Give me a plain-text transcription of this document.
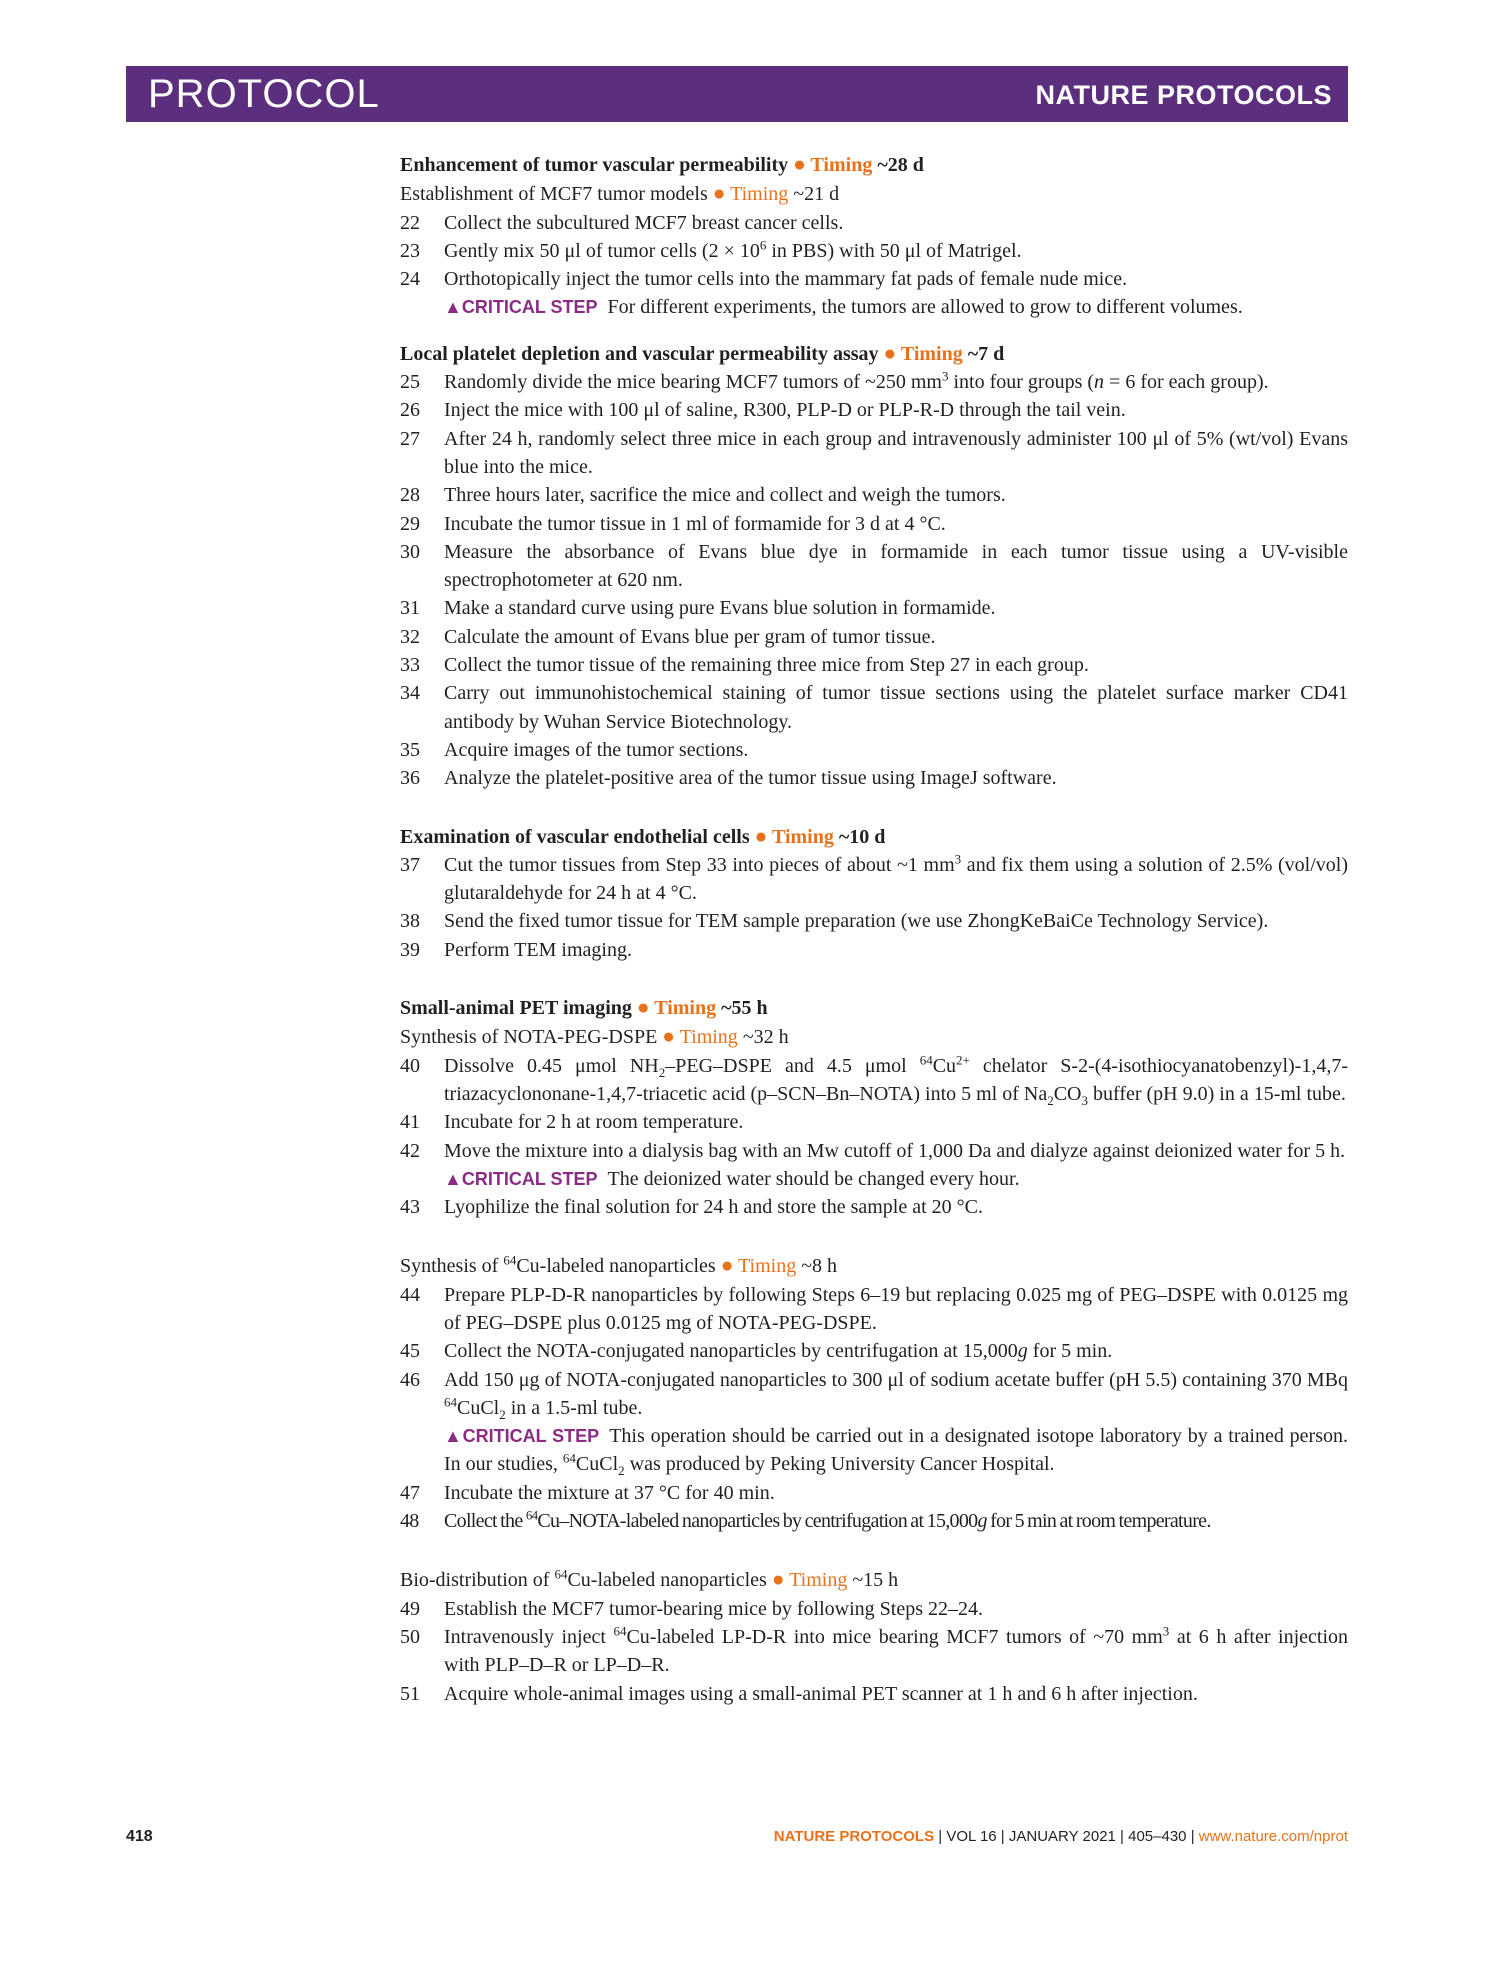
PROTOCOL	NATURE PROTOCOLS
Enhancement of tumor vascular permeability ● Timing ~28 d
Establishment of MCF7 tumor models ● Timing ~21 d
22 Collect the subcultured MCF7 breast cancer cells.
23 Gently mix 50 μl of tumor cells ($2 \times 10^6$ in PBS) with 50 μl of Matrigel.
24 Orthotopically inject the tumor cells into the mammary fat pads of female nude mice.
▲CRITICAL STEP For different experiments, the tumors are allowed to grow to different volumes.
Local platelet depletion and vascular permeability assay ● Timing ~7 d
25 Randomly divide the mice bearing MCF7 tumors of ~250 $mm^3$ into four groups (n = 6 for each group).
26 Inject the mice with 100 μl of saline, R300, PLP-D or PLP-R-D through the tail vein.
27 After 24 h, randomly select three mice in each group and intravenously administer 100 μl of 5% (wt/vol) Evans blue into the mice.
28 Three hours later, sacrifice the mice and collect and weigh the tumors.
29 Incubate the tumor tissue in 1 ml of formamide for 3 d at 4 °C.
30 Measure the absorbance of Evans blue dye in formamide in each tumor tissue using a UV-visible spectrophotometer at 620 nm.
31 Make a standard curve using pure Evans blue solution in formamide.
32 Calculate the amount of Evans blue per gram of tumor tissue.
33 Collect the tumor tissue of the remaining three mice from Step 27 in each group.
34 Carry out immunohistochemical staining of tumor tissue sections using the platelet surface marker CD41 antibody by Wuhan Service Biotechnology.
35 Acquire images of the tumor sections.
36 Analyze the platelet-positive area of the tumor tissue using ImageJ software.
Examination of vascular endothelial cells ● Timing ~10 d
37 Cut the tumor tissues from Step 33 into pieces of about ~1 $mm^3$ and fix them using a solution of 2.5% (vol/vol) glutaraldehyde for 24 h at 4 °C.
38 Send the fixed tumor tissue for TEM sample preparation (we use ZhongKeBaiCe Technology Service).
39 Perform TEM imaging.
Small-animal PET imaging ● Timing ~55 h
Synthesis of NOTA-PEG-DSPE ● Timing ~32 h
40 Dissolve 0.45 μmol $NH_2-PEG$–DSPE and 4.5 μmol $^{64}Cu^{2+}$ chelator S-2-(4-isothiocyanatobenzyl)-1,4,7-triazacyclononane-1,4,7-triacetic acid (p–SCN–Bn–NOTA) into 5 ml of $Na_2CO_3$ buffer (pH 9.0) in a 15-ml tube.
41 Incubate for 2 h at room temperature.
42 Move the mixture into a dialysis bag with an Mw cutoff of 1,000 Da and dialyze against deionized water for 5 h.
▲CRITICAL STEP The deionized water should be changed every hour.
43 Lyophilize the final solution for 24 h and store the sample at 20 °C.
Synthesis of $^{64}$Cu-labeled nanoparticles ● Timing ~8 h
44 Prepare PLP-D-R nanoparticles by following Steps 6–19 but replacing 0.025 mg of PEG–DSPE with 0.0125 mg of PEG–DSPE plus 0.0125 mg of NOTA-PEG-DSPE.
45 Collect the NOTA-conjugated nanoparticles by centrifugation at 15,000g for 5 min.
46 Add 150 μg of NOTA-conjugated nanoparticles to 300 μl of sodium acetate buffer (pH 5.5) containing 370 MBq $^{64}$CuCl$_2$ in a 1.5-ml tube.
▲CRITICAL STEP This operation should be carried out in a designated isotope laboratory by a trained person. In our studies, $^{64}$CuCl$_2$ was produced by Peking University Cancer Hospital.
47 Incubate the mixture at 37 °C for 40 min.
48 Collect the $^{64}$Cu–NOTA-labeled nanoparticles by centrifugation at 15,000g for 5 min at room temperature.
Bio-distribution of $^{64}$Cu-labeled nanoparticles ● Timing ~15 h
49 Establish the MCF7 tumor-bearing mice by following Steps 22–24.
50 Intravenously inject $^{64}$Cu-labeled LP-D-R into mice bearing MCF7 tumors of ~70 $mm^3$ at 6 h after injection with PLP–D–R or LP–D–R.
51 Acquire whole-animal images using a small-animal PET scanner at 1 h and 6 h after injection.
418	NATURE PROTOCOLS | VOL 16 | JANUARY 2021 | 405–430 | www.nature.com/nprot
